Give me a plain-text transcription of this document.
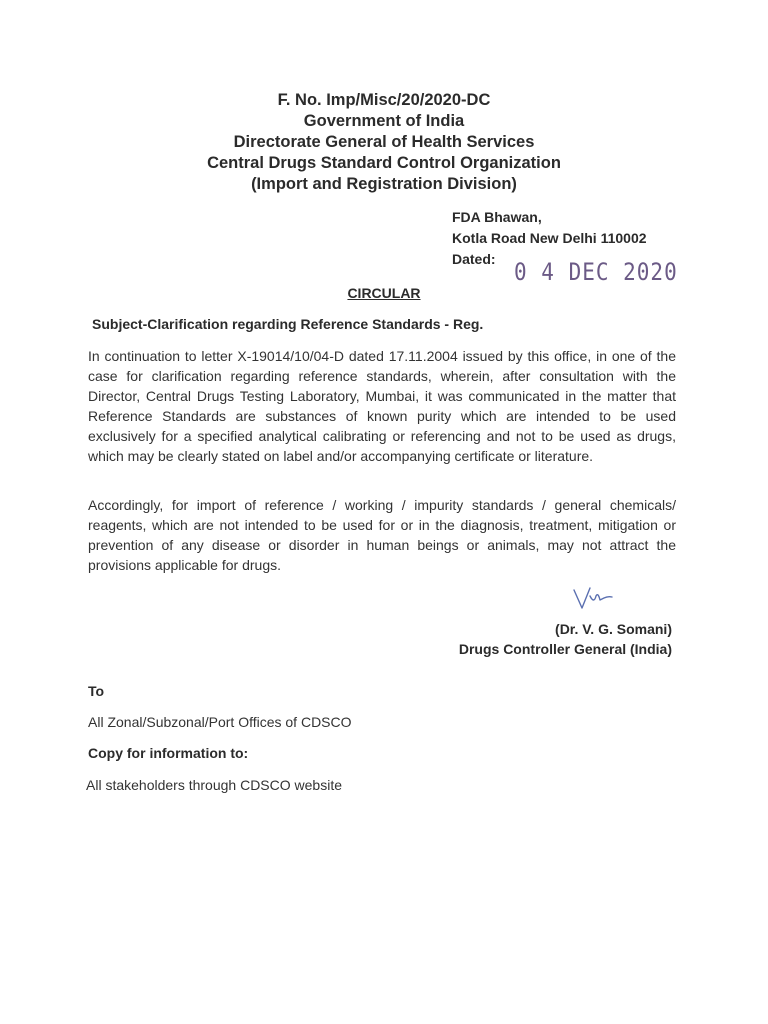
F. No. Imp/Misc/20/2020-DC
Government of India
Directorate General of Health Services
Central Drugs Standard Control Organization
(Import and Registration Division)
FDA Bhawan,
Kotla Road New Delhi 110002
Dated: 0 4 DEC 2020
CIRCULAR
Subject-Clarification regarding Reference Standards - Reg.
In continuation to letter X-19014/10/04-D dated 17.11.2004 issued by this office, in one of the case for clarification regarding reference standards, wherein, after consultation with the Director, Central Drugs Testing Laboratory, Mumbai, it was communicated in the matter that Reference Standards are substances of known purity which are intended to be used exclusively for a specified analytical calibrating or referencing and not to be used as drugs, which may be clearly stated on label and/or accompanying certificate or literature.
Accordingly, for import of reference / working / impurity standards / general chemicals/ reagents, which are not intended to be used for or in the diagnosis, treatment, mitigation or prevention of any disease or disorder in human beings or animals, may not attract the provisions applicable for drugs.
(Dr. V. G. Somani)
Drugs Controller General (India)
To
All Zonal/Subzonal/Port Offices of CDSCO
Copy for information to:
All stakeholders through CDSCO website
